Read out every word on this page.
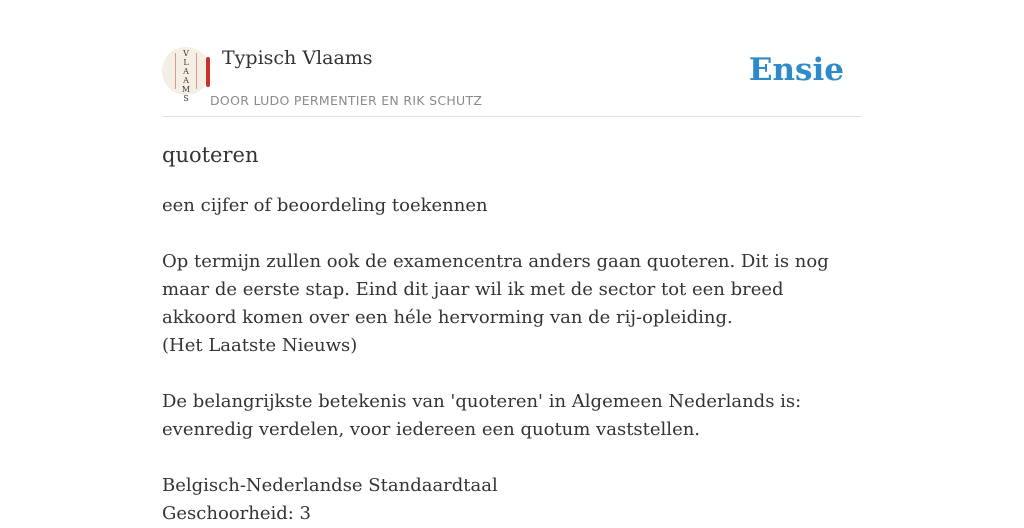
VLAAMS
Typisch Vlaams
DOOR LUDO PERMENTIER EN RIK SCHUTZ
Ensie
quoteren

een cijfer of beoordeling toekennen

Op termijn zullen ook de examencentra anders gaan quoteren. Dit is nog maar de eerste stap. Eind dit jaar wil ik met de sector tot een breed akkoord komen over een héle hervorming van de rij-opleiding.
(Het Laatste Nieuws)

De belangrijkste betekenis van 'quoteren' in Algemeen Nederlands is: evenredig verdelen, voor iedereen een quotum vaststellen.

Belgisch-Nederlandse Standaardtaal
Geschoorheid: 3
